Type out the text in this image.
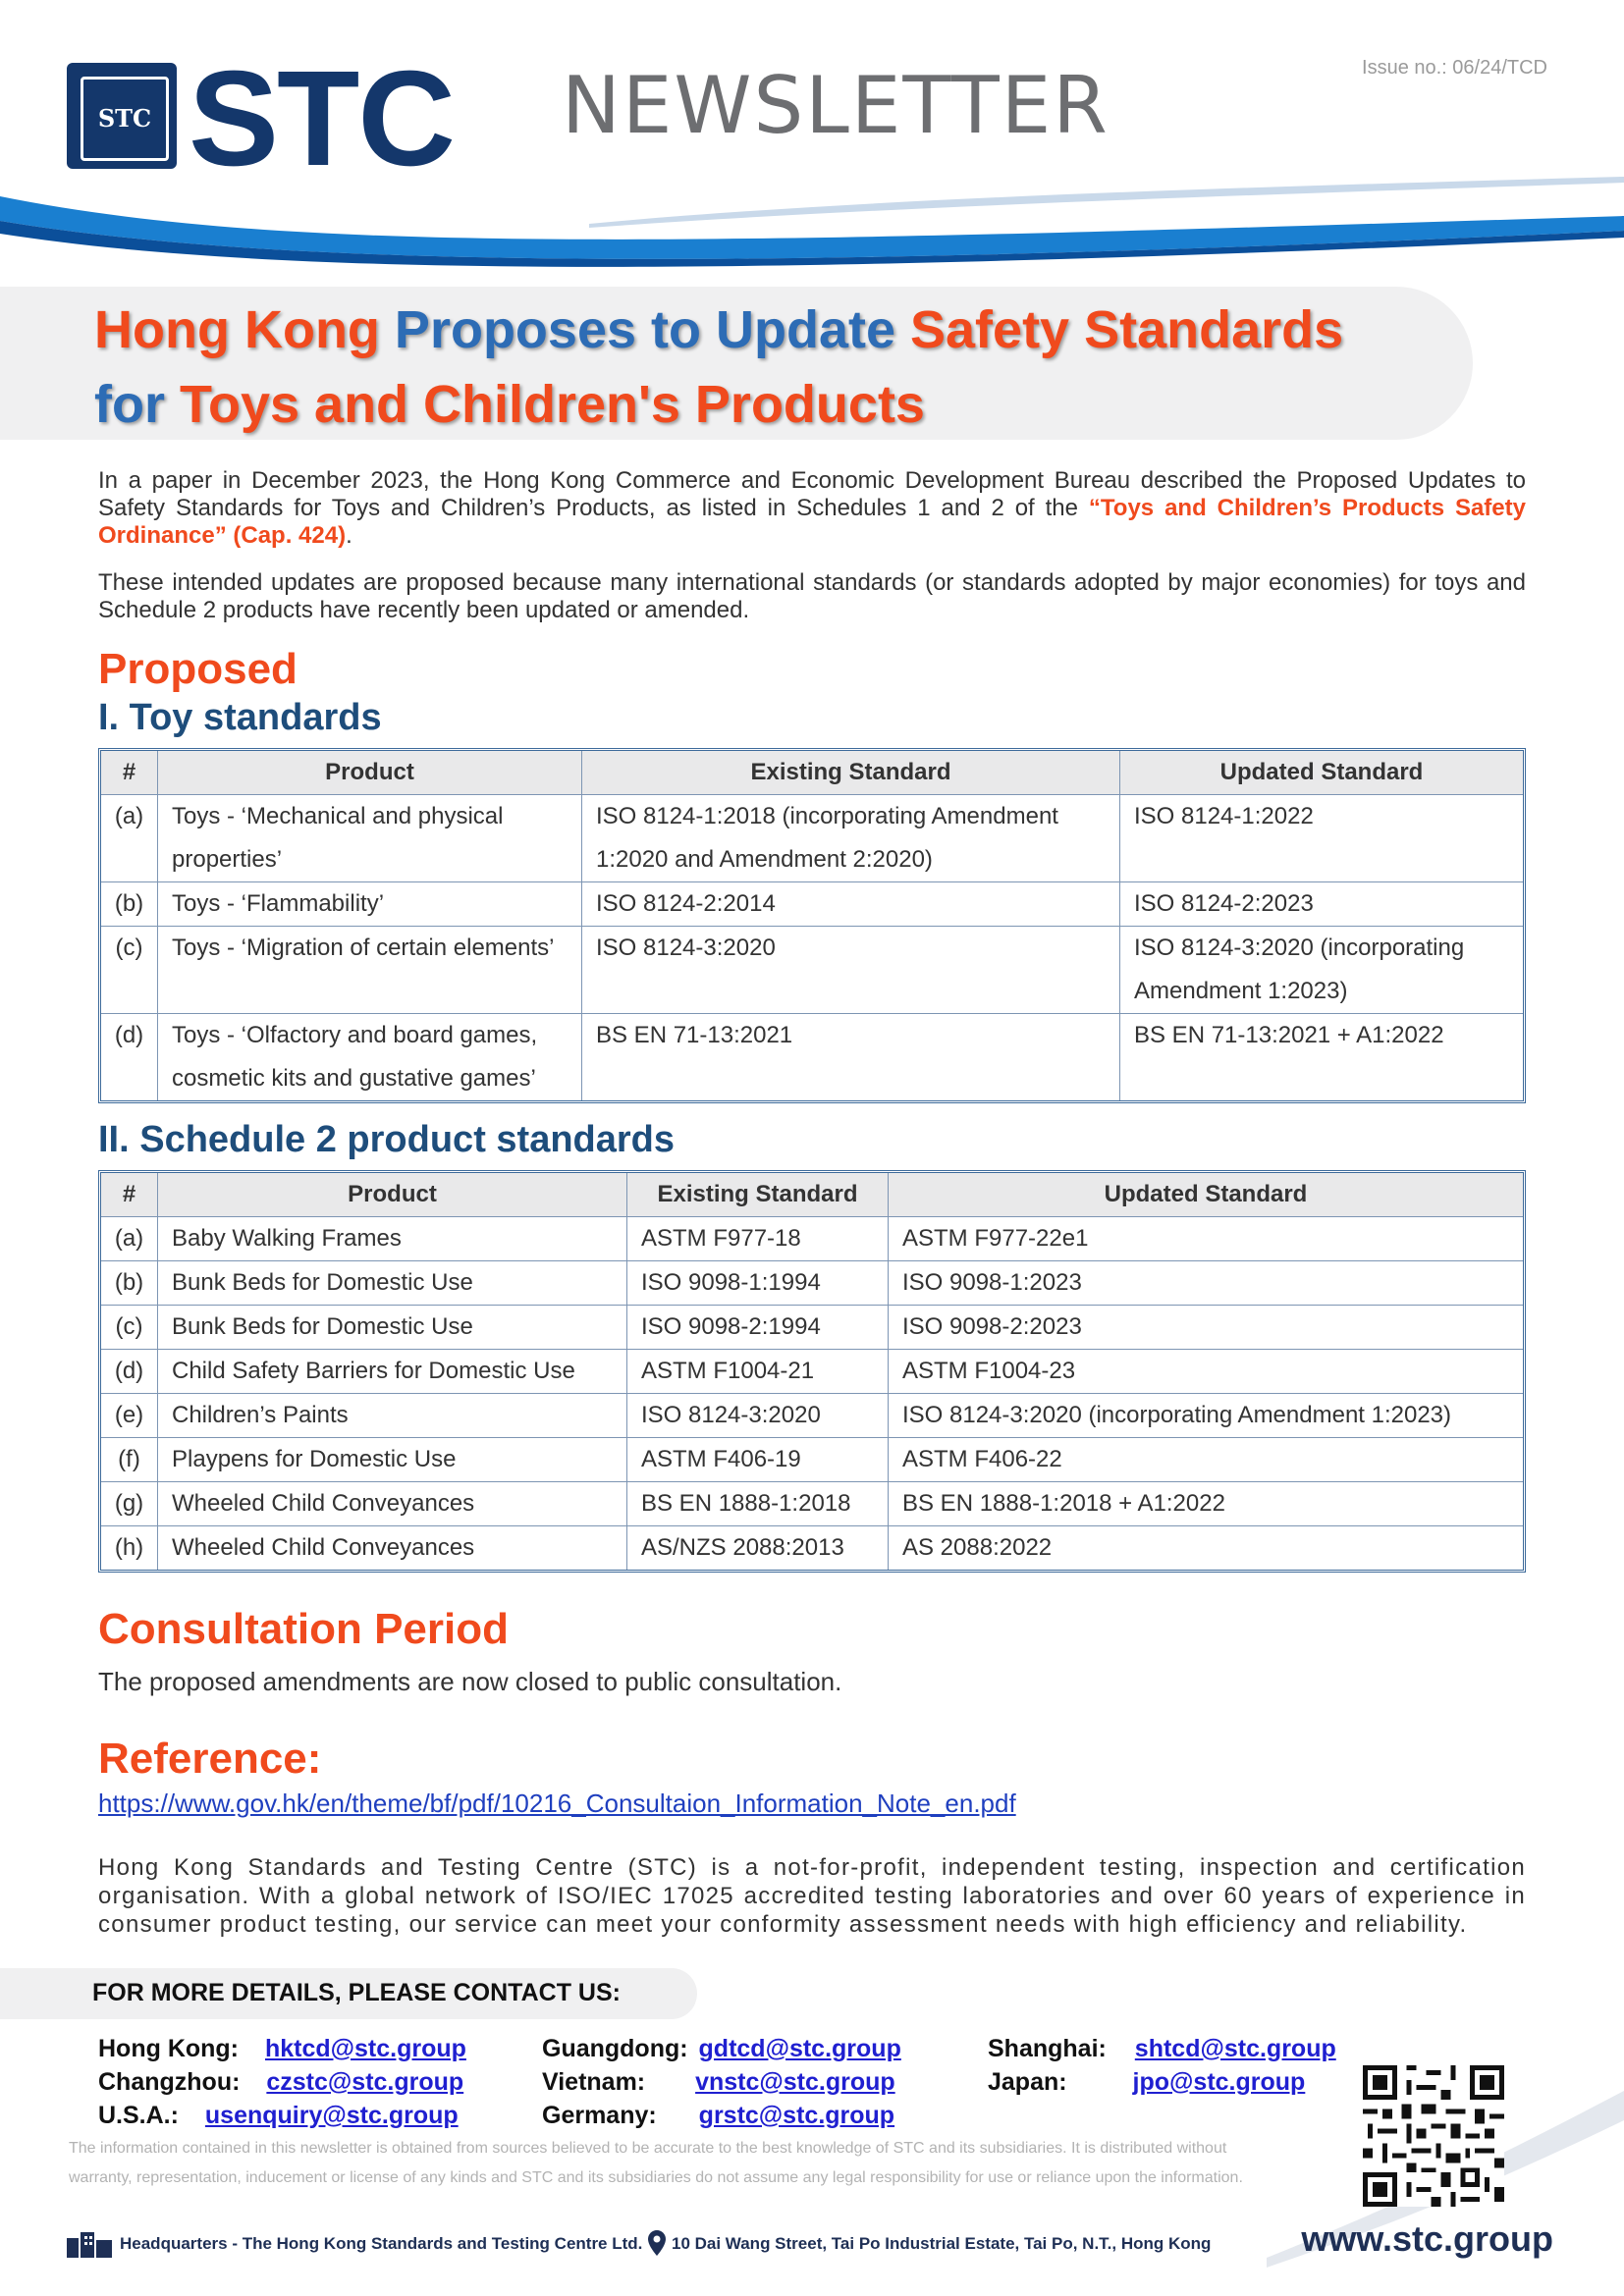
STC STC NEWSLETTER	Issue no.: 06/24/TCD
Hong Kong Proposes to Update Safety Standards
for Toys and Children's Products
In a paper in December 2023, the Hong Kong Commerce and Economic Development Bureau described the Proposed Updates to Safety Standards for Toys and Children’s Products, as listed in Schedules 1 and 2 of the “Toys and Children’s Products Safety Ordinance” (Cap. 424).
These intended updates are proposed because many international standards (or standards adopted by major economies) for toys and Schedule 2 products have recently been updated or amended.
Proposed
I. Toy standards
#	Product	Existing Standard	Updated Standard
(a)	Toys - ‘Mechanical and physical properties’	ISO 8124-1:2018 (incorporating Amendment 1:2020 and Amendment 2:2020)	ISO 8124-1:2022
(b)	Toys - ‘Flammability’	ISO 8124-2:2014	ISO 8124-2:2023
(c)	Toys - ‘Migration of certain elements’	ISO 8124-3:2020	ISO 8124-3:2020 (incorporating Amendment 1:2023)
(d)	Toys - ‘Olfactory and board games, cosmetic kits and gustative games’	BS EN 71-13:2021	BS EN 71-13:2021 + A1:2022
II. Schedule 2 product standards
#	Product	Existing Standard	Updated Standard
(a)	Baby Walking Frames	ASTM F977-18	ASTM F977-22e1
(b)	Bunk Beds for Domestic Use	ISO 9098-1:1994	ISO 9098-1:2023
(c)	Bunk Beds for Domestic Use	ISO 9098-2:1994	ISO 9098-2:2023
(d)	Child Safety Barriers for Domestic Use	ASTM F1004-21	ASTM F1004-23
(e)	Children’s Paints	ISO 8124-3:2020	ISO 8124-3:2020 (incorporating Amendment 1:2023)
(f)	Playpens for Domestic Use	ASTM F406-19	ASTM F406-22
(g)	Wheeled Child Conveyances	BS EN 1888-1:2018	BS EN 1888-1:2018 + A1:2022
(h)	Wheeled Child Conveyances	AS/NZS 2088:2013	AS 2088:2022
Consultation Period
The proposed amendments are now closed to public consultation.
Reference:
https://www.gov.hk/en/theme/bf/pdf/10216_Consultaion_Information_Note_en.pdf
Hong Kong Standards and Testing Centre (STC) is a not-for-profit, independent testing, inspection and certification organisation. With a global network of ISO/IEC 17025 accredited testing laboratories and over 60 years of experience in consumer product testing, our service can meet your conformity assessment needs with high efficiency and reliability.
FOR MORE DETAILS, PLEASE CONTACT US:
Hong Kong: hktcd@stc.group	Guangdong: gdtcd@stc.group	Shanghai: shtcd@stc.group
Changzhou: czstc@stc.group	Vietnam: vnstc@stc.group	Japan:	jpo@stc.group
U.S.A.: usenquiry@stc.group	Germany: grstc@stc.group
The information contained in this newsletter is obtained from sources believed to be accurate to the best knowledge of STC and its subsidiaries. It is distributed without
warranty, representation, inducement or license of any kinds and STC and its subsidiaries do not assume any legal responsibility for use or reliance upon the information.
Headquarters - The Hong Kong Standards and Testing Centre Ltd. 10 Dai Wang Street, Tai Po Industrial Estate, Tai Po, N.T., Hong Kong	www.stc.group
